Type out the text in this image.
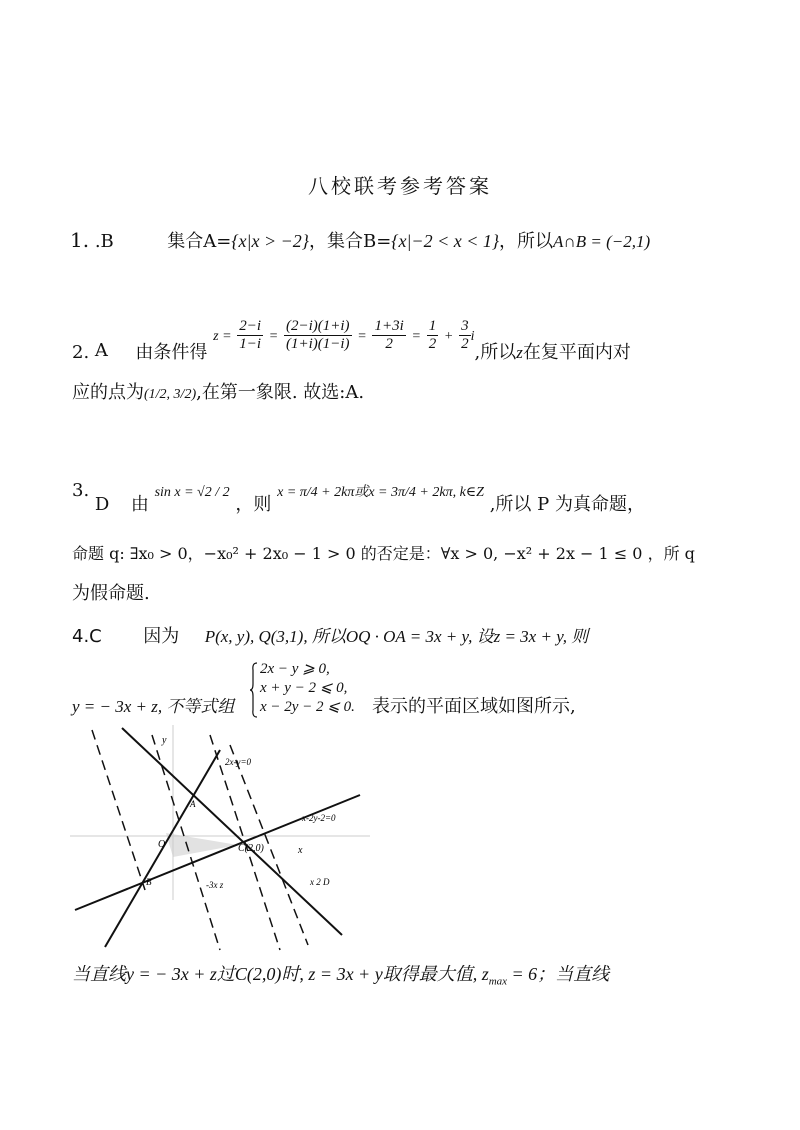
八校联考参考答案
1. .B	集合A={x|x > −2}，集合B={x|−2 < x < 1}，所以A∩B = (−2,1)
2. A 由条件得 $z = \frac{2-i}{1-i} = \frac{(2-i)(1+i)}{(1+i)(1-i)} = \frac{1+3i}{2} = \frac{1}{2} + \frac{3}{2} i$,所以z在复平面内对
应的点为(1/2, 3/2),在第一象限. 故选:A.
3. D 由 sin x = √2 / 2 ，则 x = π/4 + 2kπ或x = 3π/4 + 2kπ, k∈Z ,所以 P 为真命题，
命题 q: ∃x₀ > 0，−x₀² + 2x₀ − 1 > 0 的否定是：∀x > 0, −x² + 2x − 1 ≤ 0 ，所 q
为假命题.
4.C 因为 P(x, y), Q(3,1), 所以OQ · OA = 3x + y, 设z = 3x + y, 则
2x − y ⩾ 0,
x + y − 2 ⩽ 0,
x − 2y − 2 ⩽ 0.
y = − 3x + z, 不等式组	表示的平面区域如图所示,
y
2x-y=0
x-2y-2=0
O	C(2,0)	x
A
B	-3x z	x 2 D
当直线y = − 3x + z过C(2,0)时, z = 3x + y取得最大值, $z_{max} = 6$；当直线
